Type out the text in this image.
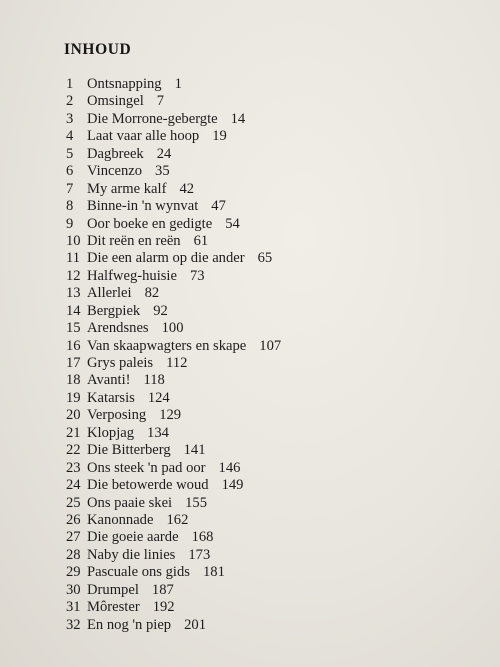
INHOUD
1 Ontsnapping 1
2 Omsingel 7
3 Die Morrone-gebergte 14
4 Laat vaar alle hoop 19
5 Dagbreek 24
6 Vincenzo 35
7 My arme kalf 42
8 Binne-in 'n wynvat 47
9 Oor boeke en gedigte 54
10 Dit reën en reën 61
11 Die een alarm op die ander 65
12 Halfweg-huisie 73
13 Allerlei 82
14 Bergpiek 92
15 Arendsnes 100
16 Van skaapwagters en skape 107
17 Grys paleis 112
18 Avanti! 118
19 Katarsis 124
20 Verposing 129
21 Klopjag 134
22 Die Bitterberg 141
23 Ons steek 'n pad oor 146
24 Die betowerde woud 149
25 Ons paaie skei 155
26 Kanonnade 162
27 Die goeie aarde 168
28 Naby die linies 173
29 Pascuale ons gids 181
30 Drumpel 187
31 Môrester 192
32 En nog 'n piep 201
